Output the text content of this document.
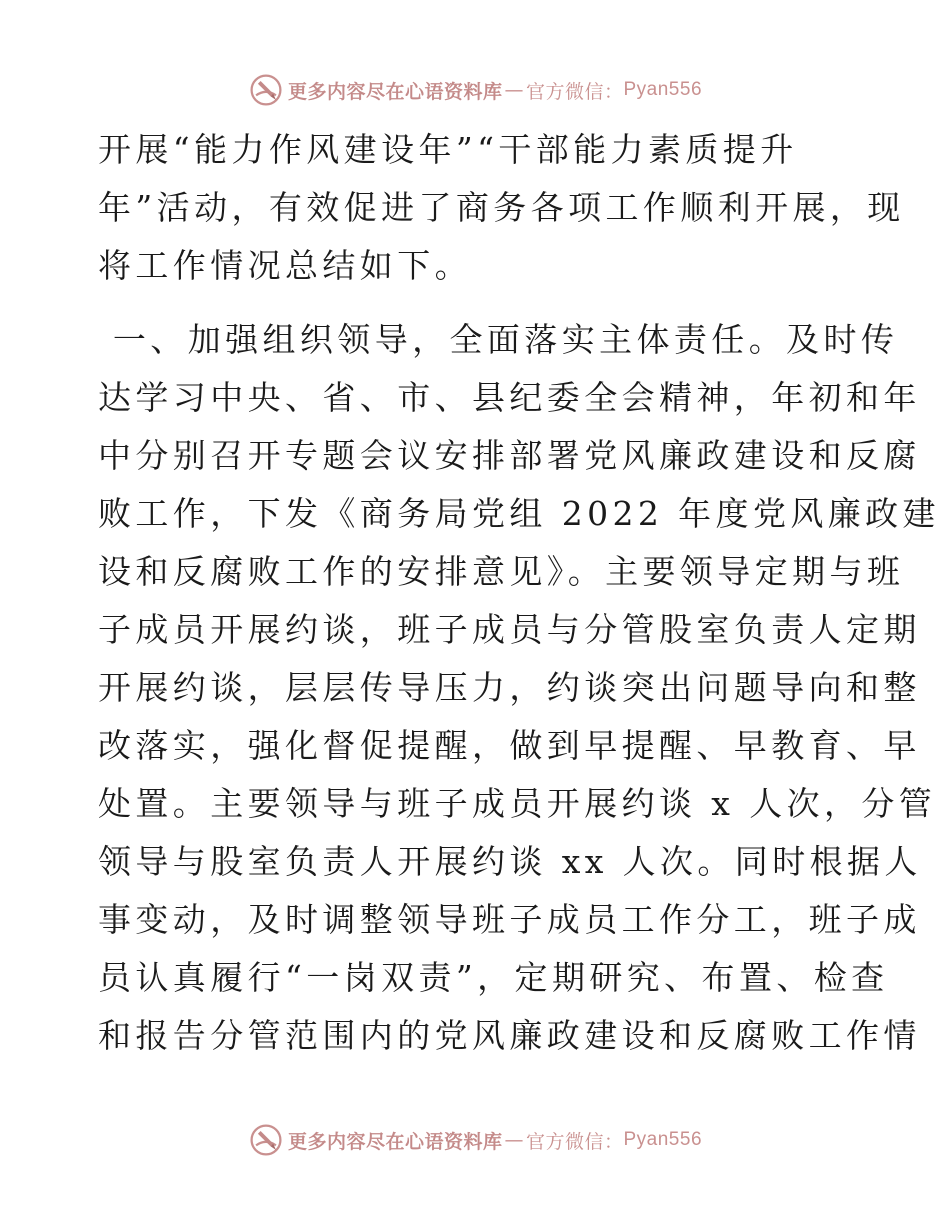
更多内容尽在心语资料库 — 官方微信： Pyan556
开展“能力作风建设年”“干部能力素质提升
年”活动，有效促进了商务各项工作顺利开展，现
将工作情况总结如下。
一、加强组织领导，全面落实主体责任。及时传
达学习中央、省、市、县纪委全会精神，年初和年
中分别召开专题会议安排部署党风廉政建设和反腐
败工作，下发《商务局党组 2022 年度党风廉政建
设和反腐败工作的安排意见》。主要领导定期与班
子成员开展约谈，班子成员与分管股室负责人定期
开展约谈，层层传导压力，约谈突出问题导向和整
改落实，强化督促提醒，做到早提醒、早教育、早
处置。主要领导与班子成员开展约谈 x 人次，分管
领导与股室负责人开展约谈 xx 人次。同时根据人
事变动，及时调整领导班子成员工作分工，班子成
员认真履行“一岗双责”，定期研究、布置、检查
和报告分管范围内的党风廉政建设和反腐败工作情
更多内容尽在心语资料库 — 官方微信： Pyan556
